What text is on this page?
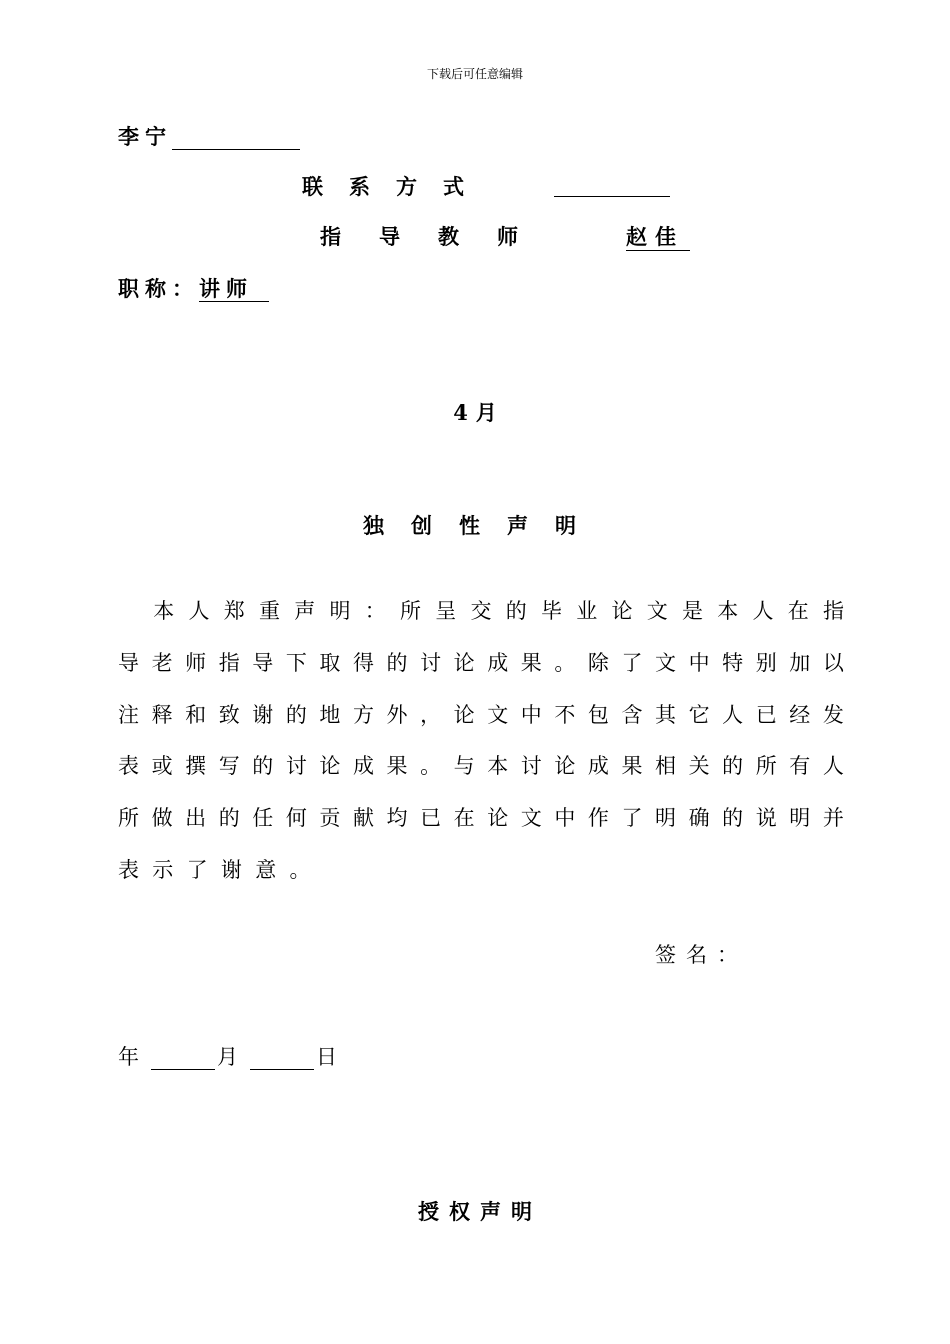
下载后可任意编辑
李宁
联系方式
指导教师	赵佳
职称：讲师
4月
独创性声明

本 人 郑 重 声 明 ： 所 呈 交 的 毕 业 论 文 是 本 人 在 指
导 老 师 指 导 下 取 得 的 讨 论 成 果 。 除 了 文 中 特 别 加 以
注 释 和 致 谢 的 地 方 外 ， 论 文 中 不 包 含 其 它 人 已 经 发
表 或 撰 写 的 讨 论 成 果 。 与 本 讨 论 成 果 相 关 的 所 有 人
所 做 出 的 任 何 贡 献 均 已 在 论 文 中 作 了 明 确 的 说 明 并
表示了谢意。
签名：
年	月	日
授权声明
